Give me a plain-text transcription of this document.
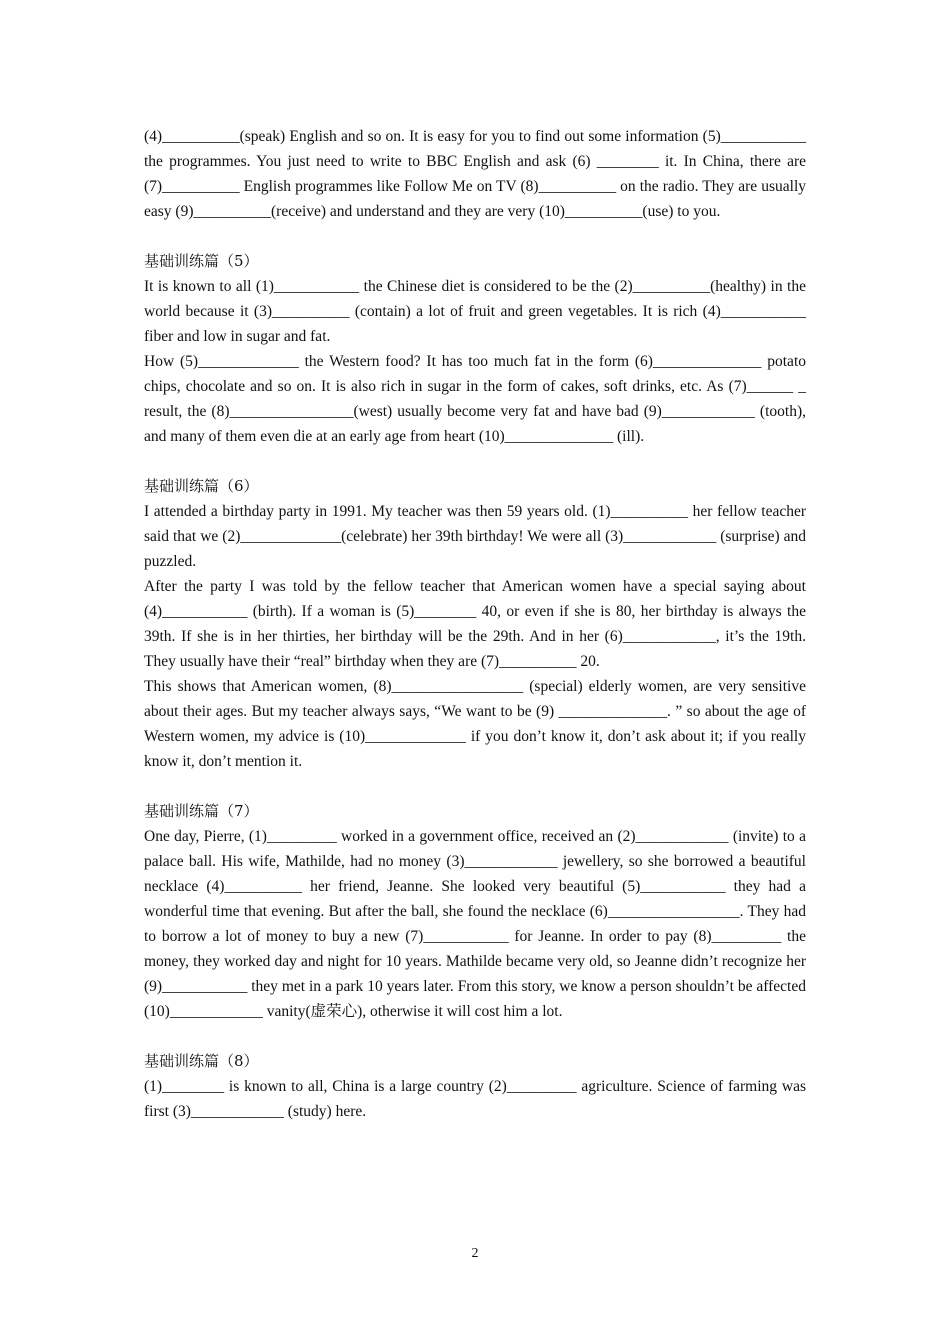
(4)__________(speak) English and so on. It is easy for you to find out some information (5)___________ the programmes. You just need to write to BBC English and ask (6) ________ it. In China, there are (7)__________ English programmes like Follow Me on TV (8)__________ on the radio. They are usually easy (9)__________(receive) and understand and they are very (10)__________(use) to you.

基础训练篇（5）

It is known to all (1)___________ the Chinese diet is considered to be the (2)__________(healthy) in the world because it (3)__________ (contain) a lot of fruit and green vegetables. It is rich (4)___________ fiber and low in sugar and fat.

How (5)_____________ the Western food? It has too much fat in the form (6)______________ potato chips, chocolate and so on. It is also rich in sugar in the form of cakes, soft drinks, etc. As (7)______ _ result, the (8)________________(west) usually become very fat and have bad (9)____________ (tooth), and many of them even die at an early age from heart (10)______________ (ill).

基础训练篇（6）

I attended a birthday party in 1991. My teacher was then 59 years old. (1)__________ her fellow teacher said that we (2)_____________(celebrate) her 39th birthday! We were all (3)____________ (surprise) and puzzled.

After the party I was told by the fellow teacher that American women have a special saying about (4)___________ (birth). If a woman is (5)________ 40, or even if she is 80, her birthday is always the 39th. If she is in her thirties, her birthday will be the 29th. And in her (6)____________, it’s the 19th. They usually have their “real” birthday when they are (7)__________ 20.

This shows that American women, (8)_________________ (special) elderly women, are very sensitive about their ages. But my teacher always says, “We want to be (9) ______________. ” so about the age of Western women, my advice is (10)_____________ if you don’t know it, don’t ask about it; if you really know it, don’t mention it.

基础训练篇（7）

One day, Pierre, (1)_________ worked in a government office, received an (2)____________ (invite) to a palace ball. His wife, Mathilde, had no money (3)____________ jewellery, so she borrowed a beautiful necklace (4)__________ her friend, Jeanne. She looked very beautiful (5)___________ they had a wonderful time that evening. But after the ball, she found the necklace (6)_________________. They had to borrow a lot of money to buy a new (7)___________ for Jeanne. In order to pay (8)_________ the money, they worked day and night for 10 years. Mathilde became very old, so Jeanne didn’t recognize her (9)___________ they met in a park 10 years later. From this story, we know a person shouldn’t be affected (10)____________ vanity(虚荣心), otherwise it will cost him a lot.

基础训练篇（8）

(1)________ is known to all, China is a large country (2)_________ agriculture. Science of farming was first (3)____________ (study) here.

2
